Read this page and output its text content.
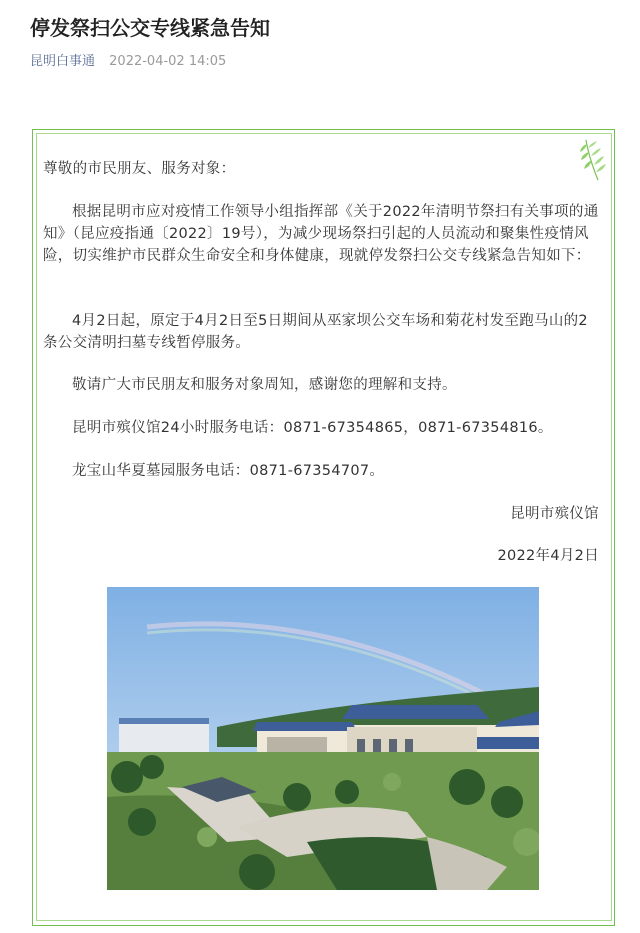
停发祭扫公交专线紧急告知
昆明白事通 2022-04-02 14:05

尊敬的市民朋友、服务对象：

根据昆明市应对疫情工作领导小组指挥部《关于2022年清明节祭扫有关事项的通知》（昆应疫指通〔2022〕19号），为减少现场祭扫引起的人员流动和聚集性疫情风险，切实维护市民群众生命安全和身体健康，现就停发祭扫公交专线紧急告知如下：

4月2日起，原定于4月2日至5日期间从巫家坝公交车场和菊花村发至跑马山的2条公交清明扫墓专线暂停服务。

敬请广大市民朋友和服务对象周知，感谢您的理解和支持。

昆明市殡仪馆24小时服务电话：0871-67354865，0871-67354816。

龙宝山华夏墓园服务电话：0871-67354707。

昆明市殡仪馆

2022年4月2日
